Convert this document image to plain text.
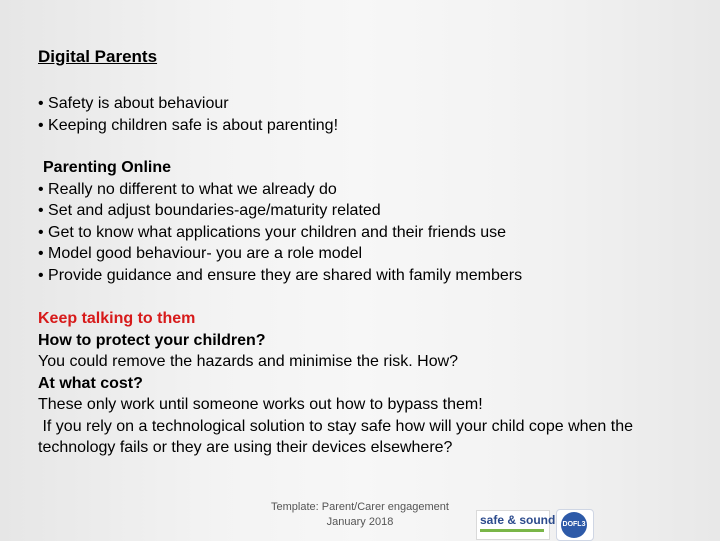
Digital Parents
• Safety is about behaviour
• Keeping children safe is about parenting!
Parenting Online
• Really no different to what we already do
• Set and adjust boundaries-age/maturity related
• Get to know what applications your children and their friends use
• Model good behaviour- you are a role model
• Provide guidance and ensure they are shared with family members
Keep talking to them
How to protect your children?
You could remove the hazards and minimise the risk. How?
At what cost?
These only work until someone works out how to bypass them!
If you rely on a technological solution to stay safe how will your child cope when the  technology fails or they are using their devices elsewhere?
Template: Parent/Carer engagement
January 2018	safe & sound DOFL3
